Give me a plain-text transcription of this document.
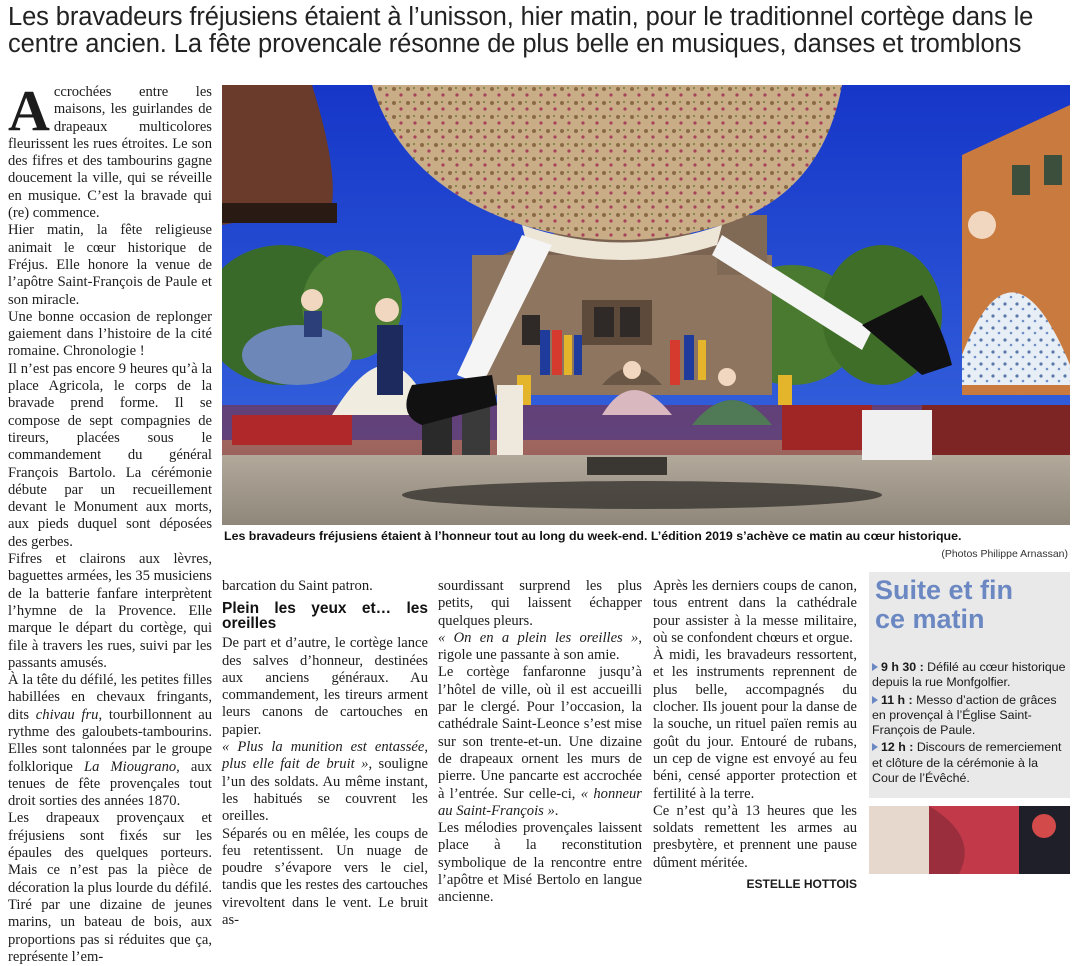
Les bravadeurs fréjusiens étaient à l’unisson, hier matin, pour le traditionnel cortège dans le centre ancien. La fête provencale résonne de plus belle en musiques, danses et tromblons

Accrochées entre les maisons, les guirlandes de drapeaux multicolores fleurissent les rues étroites. Le son des fifres et des tambourins gagne doucement la ville, qui se réveille en musique. C’est la bravade qui (re) commence.

Hier matin, la fête religieuse animait le cœur historique de Fréjus. Elle honore la venue de l’apôtre Saint-François de Paule et son miracle.

Une bonne occasion de replonger gaiement dans l’histoire de la cité romaine. Chronologie !

Il n’est pas encore 9 heures qu’à la place Agricola, le corps de la bravade prend forme. Il se compose de sept compagnies de tireurs, placées sous le commandement du général François Bartolo. La cérémonie débute par un recueillement devant le Monument aux morts, aux pieds duquel sont déposées des gerbes.

Fifres et clairons aux lèvres, baguettes armées, les 35 musiciens de la batterie fanfare interprètent l’hymne de la Provence. Elle marque le départ du cortège, qui file à travers les rues, suivi par les passants amusés.

À la tête du défilé, les petites filles habillées en chevaux fringants, dits chivau fru, tourbillonnent au rythme des galoubets-tambourins. Elles sont talonnées par le groupe folklorique La Miougrano, aux tenues de fête provençales tout droit sorties des années 1870.

Les drapeaux provençaux et fréjusiens sont fixés sur les épaules des quelques porteurs. Mais ce n’est pas la pièce de décoration la plus lourde du défilé. Tiré par une dizaine de jeunes marins, un bateau de bois, aux proportions pas si réduites que ça, représente l’em-

Les bravadeurs fréjusiens étaient à l’honneur tout au long du week-end. L’édition 2019 s’achève ce matin au cœur historique.

(Photos Philippe Arnassan)

barcation du Saint patron.

Plein les yeux et… les oreilles

De part et d’autre, le cortège lance des salves d’honneur, destinées aux anciens généraux. Au commandement, les tireurs arment leurs canons de cartouches en papier.

« Plus la munition est entassée, plus elle fait de bruit », souligne l’un des soldats. Au même instant, les habitués se couvrent les oreilles.

Séparés ou en mêlée, les coups de feu retentissent. Un nuage de poudre s’évapore vers le ciel, tandis que les restes des cartouches virevoltent dans le vent. Le bruit as-

sourdissant surprend les plus petits, qui laissent échapper quelques pleurs.

« On en a plein les oreilles », rigole une passante à son amie.

Le cortège fanfaronne jusqu’à l’hôtel de ville, où il est accueilli par le clergé. Pour l’occasion, la cathédrale Saint-Leonce s’est mise sur son trente-et-un. Une dizaine de drapeaux ornent les murs de pierre. Une pancarte est accrochée à l’entrée. Sur celle-ci, « honneur au Saint-François ».

Les mélodies provençales laissent place à la reconstitution symbolique de la rencontre entre l’apôtre et Misé Bertolo en langue ancienne.

Après les derniers coups de canon, tous entrent dans la cathédrale pour assister à la messe militaire, où se confondent chœurs et orgue.

À midi, les bravadeurs ressortent, et les instruments reprennent de plus belle, accompagnés du clocher. Ils jouent pour la danse de la souche, un rituel païen remis au goût du jour. Entouré de rubans, un cep de vigne est envoyé au feu béni, censé apporter protection et fertilité à la terre.

Ce n’est qu’à 13 heures que les soldats remettent les armes au presbytère, et prennent une pause dûment méritée.

ESTELLE HOTTOIS

Suite et fin
ce matin
9 h 30 : Défilé au cœur historique depuis la rue Monfgolfier.
11 h : Messo d’action de grâces en provençal à l’Église Saint-François de Paule.
12 h : Discours de remerciement et clôture de la cérémonie à la Cour de l’Évêché.
